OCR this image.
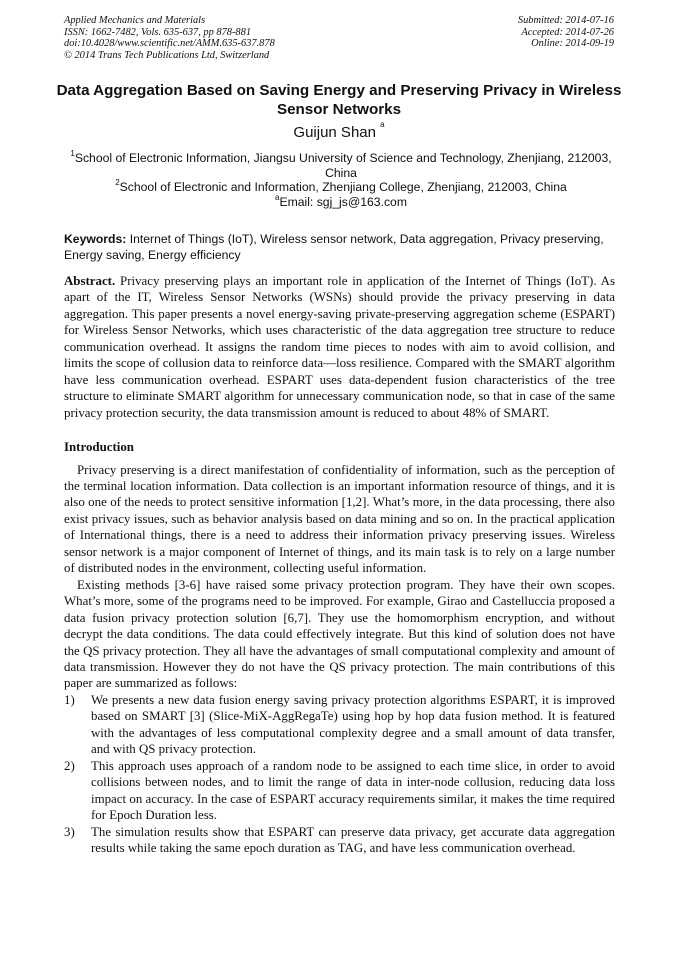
Applied Mechanics and Materials
ISSN: 1662-7482, Vols. 635-637, pp 878-881
doi:10.4028/www.scientific.net/AMM.635-637.878
© 2014 Trans Tech Publications Ltd, Switzerland
Submitted: 2014-07-16
Accepted: 2014-07-26
Online: 2014-09-19
Data Aggregation Based on Saving Energy and Preserving Privacy in Wireless Sensor Networks
Guijun Shan $^a$
$^1$School of Electronic Information, Jiangsu University of Science and Technology, Zhenjiang, 212003, China
$^2$School of Electronic and Information, Zhenjiang College, Zhenjiang, 212003, China
$^a$Email: sgj_js@163.com
Keywords: Internet of Things (IoT), Wireless sensor network, Data aggregation, Privacy preserving, Energy saving, Energy efficiency

Abstract. Privacy preserving plays an important role in application of the Internet of Things (IoT). As apart of the IT, Wireless Sensor Networks (WSNs) should provide the privacy preserving in data aggregation. This paper presents a novel energy-saving private-preserving aggregation scheme (ESPART) for Wireless Sensor Networks, which uses characteristic of the data aggregation tree structure to reduce communication overhead. It assigns the random time pieces to nodes with aim to avoid collision, and limits the scope of collusion data to reinforce data—loss resilience. Compared with the SMART algorithm have less communication overhead. ESPART uses data-dependent fusion characteristics of the tree structure to eliminate SMART algorithm for unnecessary communication node, so that in case of the same privacy protection security, the data transmission amount is reduced to about 48% of SMART.

Introduction

Privacy preserving is a direct manifestation of confidentiality of information, such as the perception of the terminal location information. Data collection is an important information resource of things, and it is also one of the needs to protect sensitive information [1,2]. What’s more, in the data processing, there also exist privacy issues, such as behavior analysis based on data mining and so on. In the practical application of International things, there is a need to address their information privacy preserving issues. Wireless sensor network is a major component of Internet of things, and its main task is to rely on a large number of distributed nodes in the environment, collecting useful information.

Existing methods [3-6] have raised some privacy protection program. They have their own scopes. What’s more, some of the programs need to be improved. For example, Girao and Castelluccia proposed a data fusion privacy protection solution [6,7]. They use the homomorphism encryption, and without decrypt the data conditions. The data could effectively integrate. But this kind of solution does not have the QS privacy protection. They all have the advantages of small computational complexity and amount of data transmission. However they do not have the QS privacy protection. The main contributions of this paper are summarized as follows:

1)	We presents a new data fusion energy saving privacy protection algorithms ESPART, it is improved based on SMART [3] (Slice-MiX-AggRegaTe) using hop by hop data fusion method. It is featured with the advantages of less computational complexity degree and a small amount of data transfer, and with QS privacy protection.

2)	This approach uses approach of a random node to be assigned to each time slice, in order to avoid collisions between nodes, and to limit the range of data in inter-node collusion, reducing data loss impact on accuracy. In the case of ESPART accuracy requirements similar, it makes the time required for Epoch Duration less.

3)	The simulation results show that ESPART can preserve data privacy, get accurate data aggregation results while taking the same epoch duration as TAG, and have less communication overhead.
